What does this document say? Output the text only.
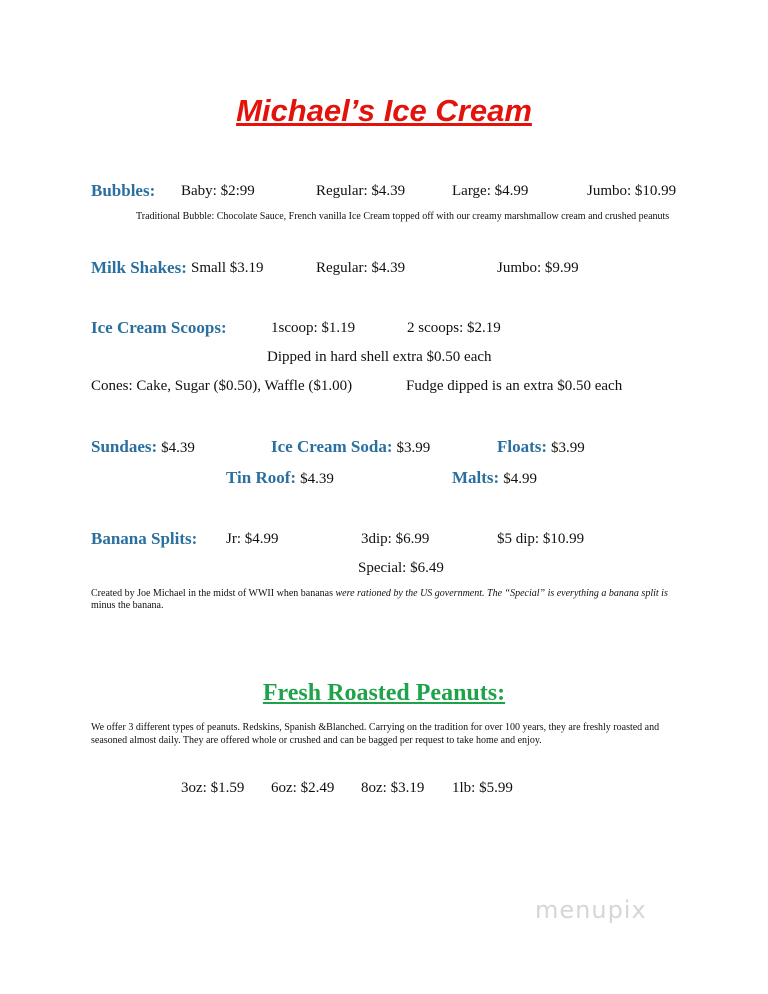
Michael’s Ice Cream
Bubbles: Baby: $2:99	Regular: $4.39	Large: $4.99	Jumbo: $10.99
Traditional Bubble: Chocolate Sauce, French vanilla Ice Cream topped off with our creamy marshmallow cream and crushed peanuts
Milk Shakes: Small $3.19	Regular: $4.39	Jumbo: $9.99
Ice Cream Scoops:	1scoop: $1.19	2 scoops: $2.19
Dipped in hard shell extra $0.50 each
Cones: Cake, Sugar ($0.50), Waffle ($1.00)	Fudge dipped is an extra $0.50 each
Sundaes: $4.39	Ice Cream Soda: $3.99	Floats: $3.99
Tin Roof: $4.39	Malts: $4.99
Banana Splits: Jr: $4.99	3dip: $6.99	$5 dip: $10.99
Special: $6.49
Created by Joe Michael in the midst of WWII when bananas were rationed by the US government. The “Special” is everything a banana split is
minus the banana.
Fresh Roasted Peanuts:
We offer 3 different types of peanuts. Redskins, Spanish &Blanched. Carrying on the tradition for over 100 years, they are freshly roasted and
seasoned almost daily. They are offered whole or crushed and can be bagged per request to take home and enjoy.
3oz: $1.59 6oz: $2.49 8oz: $3.19 1lb: $5.99
menupix
